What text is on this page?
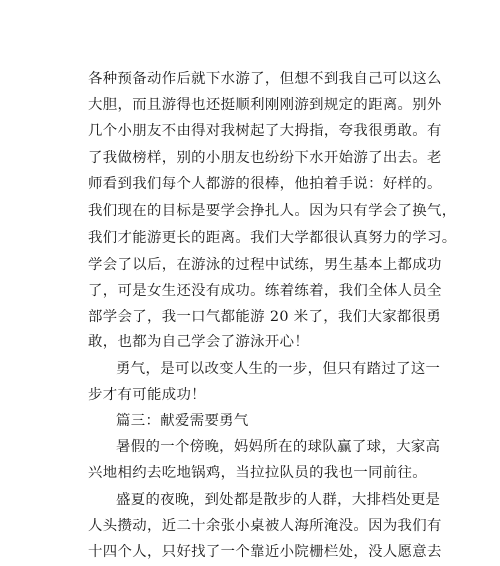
各种预备动作后就下水游了，但想不到我自己可以这么
大胆，而且游得也还挺顺利刚刚游到规定的距离。别外
几个小朋友不由得对我树起了大拇指，夸我很勇敢。有
了我做榜样，别的小朋友也纷纷下水开始游了出去。老
师看到我们每个人都游的很棒，他拍着手说：好样的。
我们现在的目标是要学会挣扎人。因为只有学会了换气，
我们才能游更长的距离。我们大学都很认真努力的学习。
学会了以后，在游泳的过程中试练，男生基本上都成功
了，可是女生还没有成功。练着练着，我们全体人员全
部学会了，我一口气都能游 20 米了，我们大家都很勇
敢，也都为自己学会了游泳开心！
勇气，是可以改变人生的一步，但只有踏过了这一
步才有可能成功！
篇三：献爱需要勇气
暑假的一个傍晚，妈妈所在的球队赢了球，大家高
兴地相约去吃地锅鸡，当拉拉队员的我也一同前往。
盛夏的夜晚，到处都是散步的人群，大排档处更是
人头攒动，近二十余张小桌被人海所淹没。因为我们有
十四个人，只好找了一个靠近小院栅栏处，没人愿意去
